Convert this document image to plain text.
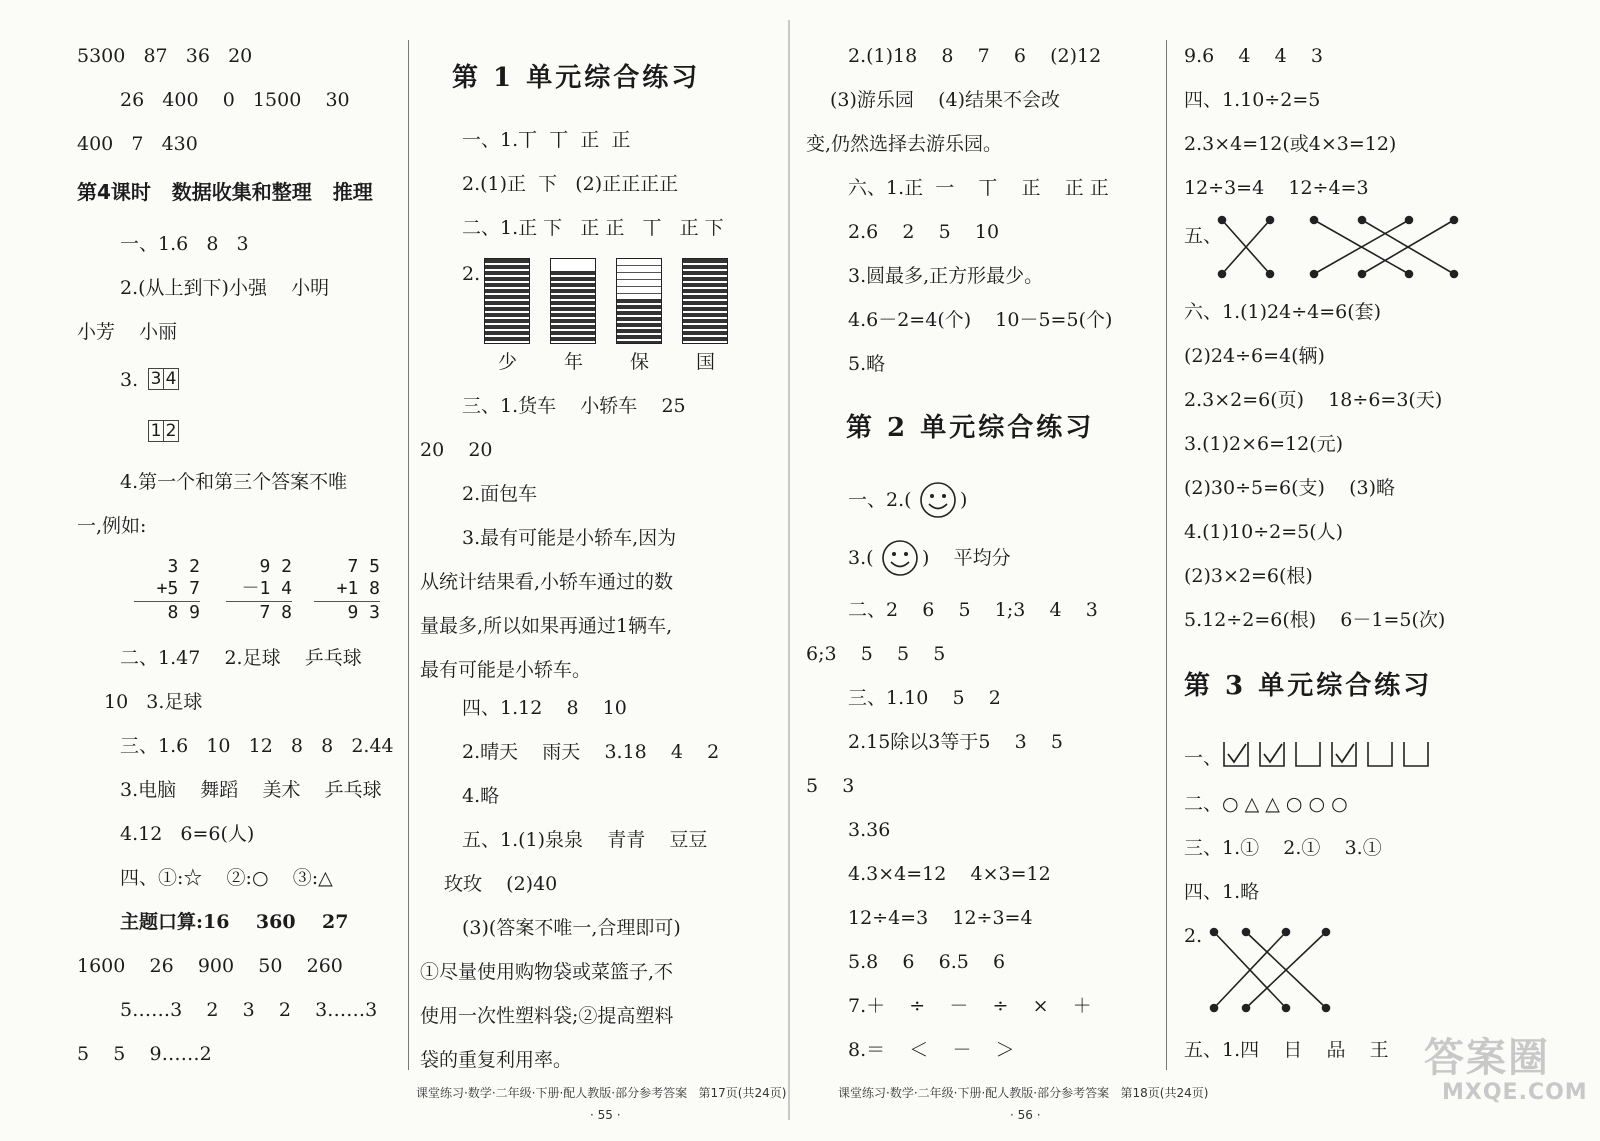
5300   87   36   20
26   400    0   1500    30
400   7   430
第4课时   数据收集和整理   推理
一、1.6   8   3
2.(从上到下)小强    小明
小芳    小丽
3. 3 4
1 2
4.第一个和第三个答案不唯
一,例如:
3 2
+5 7
8 9
9 2
－1 4
7 8
7 5
+1 8
9 3
二、1.47    2.足球    乒乓球
10   3.足球
三、1.6   10   12   8   8   2.44
3.电脑    舞蹈    美术    乒乓球
4.12   6=6(人)
四、①:☆    ②:○    ③:△
主题口算:16    360    27
1600    26    900    50    260
5……3    2    3    2    3……3
5    5    9……2
第 1 单元综合练习
一、1.丅  丅  正  正
2.(1)正  下   (2)正正正正
二、1.正 下   正 正   丅   正 下
2.
少 年 保 国
三、1.货车    小轿车    25
20    20
2.面包车
3.最有可能是小轿车,因为
从统计结果看,小轿车通过的数
量最多,所以如果再通过1辆车,
最有可能是小轿车。
四、1.12    8    10
2.晴天    雨天    3.18    4    2
4.略
五、1.(1)泉泉    青青    豆豆
玫玫    (2)40
(3)(答案不唯一,合理即可)
①尽量使用购物袋或菜篮子,不
使用一次性塑料袋;②提高塑料
袋的重复利用率。
课堂练习·数学·二年级·下册·配人教版·部分参考答案   第17页(共24页)
· 55 ·
2.(1)18    8    7    6    (2)12
(3)游乐园    (4)结果不会改
变,仍然选择去游乐园。
六、1.正  一    丅    正    正 正
2.6    2    5    10
3.圆最多,正方形最少。
4.6－2=4(个)    10－5=5(个)
5.略
第 2 单元综合练习
一、2.(	)
3.(	)    平均分
二、2    6    5    1;3    4    3
6;3    5    5    5
三、1.10    5    2
2.15除以3等于5    3    5
5    3
3.36
4.3×4=12    4×3=12
12÷4=3    12÷3=4
5.8    6    6.5    6
7.＋    ÷    －    ÷    ×    ＋
8.＝    ＜    －    ＞
课堂练习·数学·二年级·下册·配人教版·部分参考答案   第18页(共24页)
· 56 ·
9.6    4    4    3
四、1.10÷2=5
2.3×4=12(或4×3=12)
12÷3=4    12÷4=3
五、
六、1.(1)24÷4=6(套)
(2)24÷6=4(辆)
2.3×2=6(页)    18÷6=3(天)
3.(1)2×6=12(元)
(2)30÷5=6(支)    (3)略
4.(1)10÷2=5(人)
(2)3×2=6(根)
5.12÷2=6(根)    6－1=5(次)
第 3 单元综合练习
一、
二、○ △ △ ○ ○ ○
三、1.①    2.①    3.①
四、1.略
2.
五、1.四    日    品    王 答案圈
MXQE.COM
